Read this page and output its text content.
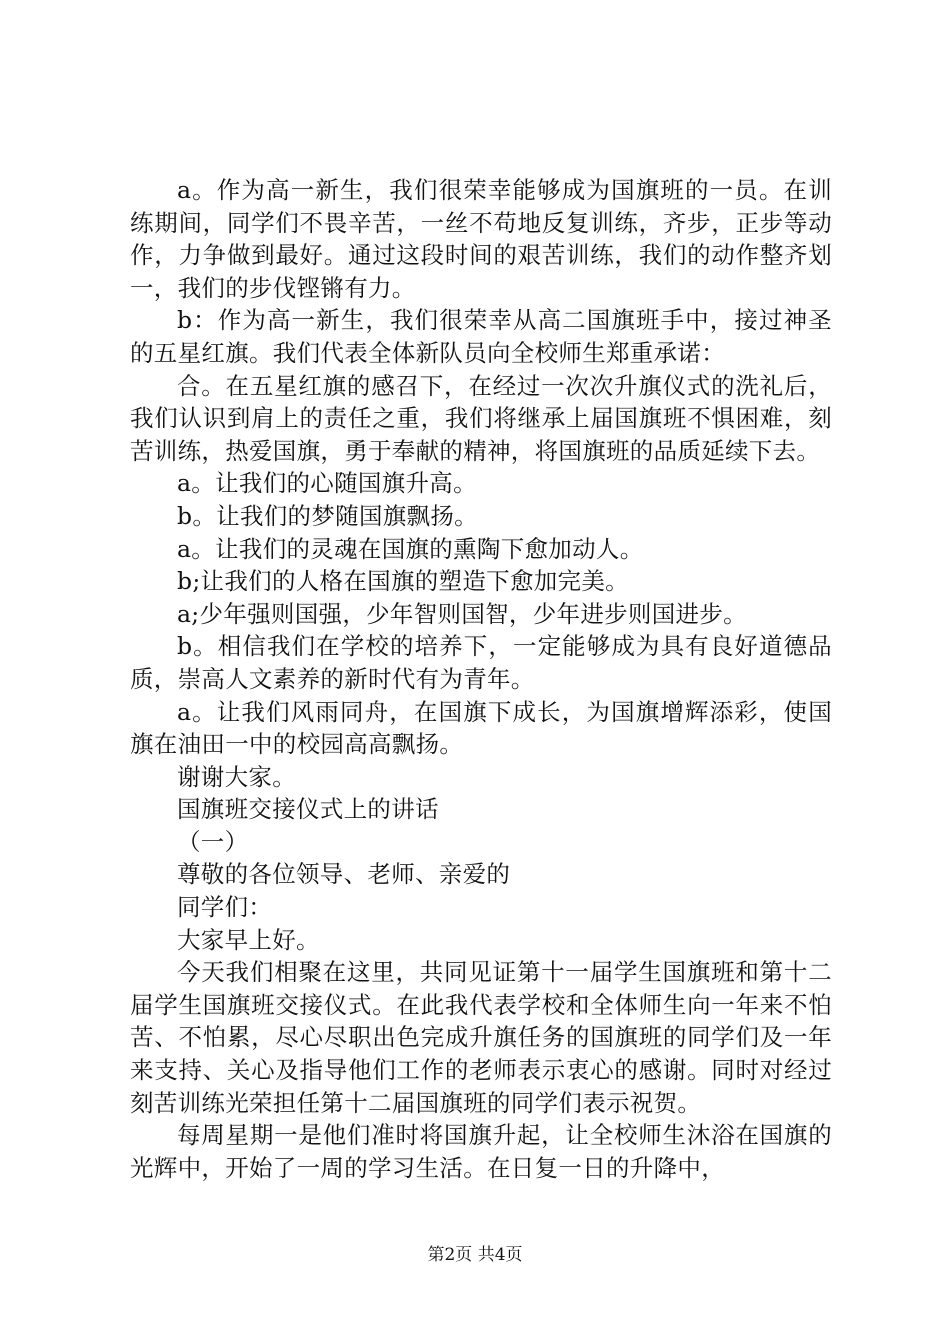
a。作为高一新生，我们很荣幸能够成为国旗班的一员。在训练期间，同学们不畏辛苦，一丝不苟地反复训练，齐步，正步等动作，力争做到最好。通过这段时间的艰苦训练，我们的动作整齐划一，我们的步伐铿锵有力。

b：作为高一新生，我们很荣幸从高二国旗班手中，接过神圣的五星红旗。我们代表全体新队员向全校师生郑重承诺：

合。在五星红旗的感召下，在经过一次次升旗仪式的洗礼后，我们认识到肩上的责任之重，我们将继承上届国旗班不惧困难，刻苦训练，热爱国旗，勇于奉献的精神，将国旗班的品质延续下去。

a。让我们的心随国旗升高。

b。让我们的梦随国旗飘扬。

a。让我们的灵魂在国旗的熏陶下愈加动人。

b;让我们的人格在国旗的塑造下愈加完美。

a;少年强则国强，少年智则国智，少年进步则国进步。

b。相信我们在学校的培养下，一定能够成为具有良好道德品质，崇高人文素养的新时代有为青年。

a。让我们风雨同舟，在国旗下成长，为国旗增辉添彩，使国旗在油田一中的校园高高飘扬。

谢谢大家。

国旗班交接仪式上的讲话

（一）

尊敬的各位领导、老师、亲爱的

同学们：

大家早上好。

今天我们相聚在这里，共同见证第十一届学生国旗班和第十二届学生国旗班交接仪式。在此我代表学校和全体师生向一年来不怕苦、不怕累，尽心尽职出色完成升旗任务的国旗班的同学们及一年来支持、关心及指导他们工作的老师表示衷心的感谢。同时对经过刻苦训练光荣担任第十二届国旗班的同学们表示祝贺。

每周星期一是他们准时将国旗升起，让全校师生沐浴在国旗的光辉中，开始了一周的学习生活。在日复一日的升降中，

第2页 共4页
